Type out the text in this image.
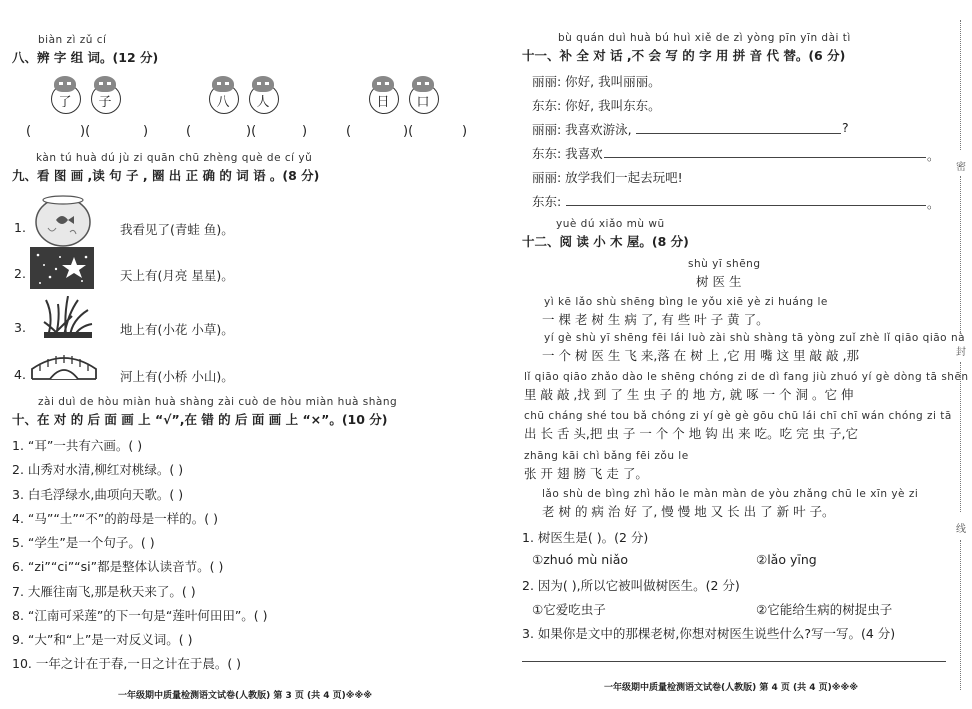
biàn zì zǔ cí
八、辨 字 组 词。(12 分)
了	子	八	人	日	口
(	)(	)	(	)(	)	(	)(	)
kàn tú huà dú jù zi quān chū zhèng què de cí yǔ
九、看 图 画 ,读 句 子 , 圈 出 正 确 的 词 语 。(8 分)
1.	我看见了(青蛙 鱼)。
2.	天上有(月亮 星星)。
3.	地上有(小花 小草)。
4.	河上有(小桥 小山)。
zài duì de hòu miàn huà shàng zài cuò de hòu miàn huà shàng
十、在 对 的 后 面 画 上 “√”,在 错 的 后 面 画 上 “×”。(10 分)
1. “耳”一共有六画。( )
2. 山秀对水清,柳红对桃绿。( )
3. 白毛浮绿水,曲项向天歌。( )
4. “马”“土”“不”的韵母是一样的。( )
5. “学生”是一个句子。( )
6. “zi”“ci”“si”都是整体认读音节。( )
7. 大雁往南飞,那是秋天来了。( )
8. “江南可采莲”的下一句是“莲叶何田田”。( )
9. “大”和“上”是一对反义词。( )
10. 一年之计在于春,一日之计在于晨。( )
一年级期中质量检测语文试卷(人教版) 第 3 页 (共 4 页)※※※
bù quán duì huà bú huì xiě de zì yòng pīn yīn dài tì
十一、补 全 对 话 ,不 会 写 的 字 用 拼 音 代 替。(6 分)
丽丽: 你好, 我叫丽丽。
东东: 你好, 我叫东东。
丽丽: 我喜欢游泳,	?
东东: 我喜欢	。
丽丽: 放学我们一起去玩吧!
东东:	。
yuè dú xiǎo mù wū
十二、阅 读 小 木 屋。(8 分)
shù yī shēng
树 医 生
yì kē lǎo shù shēng bìng le yǒu xiē yè zi huáng le
一 棵 老 树 生 病 了, 有 些 叶 子 黄 了。
yí gè shù yī shēng fēi lái luò zài shù shàng tā yòng zuǐ zhè lǐ qiāo qiāo nà
一 个 树 医 生 飞 来,落 在 树 上 ,它 用 嘴 这 里 敲 敲 ,那
lǐ qiāo qiāo zhǎo dào le shēng chóng zi de dì fang jiù zhuó yí gè dòng tā shēn
里 敲 敲 ,找 到 了 生 虫 子 的 地 方, 就 啄 一 个 洞 。它 伸
chū cháng shé tou bǎ chóng zi yí gè gè gōu chū lái chī chī wán chóng zi tā
出 长 舌 头,把 虫 子 一 个 个 地 钩 出 来 吃。吃 完 虫 子,它
zhāng kāi chì bǎng fēi zǒu le
张 开 翅 膀 飞 走 了。
lǎo shù de bìng zhì hǎo le màn màn de yòu zhǎng chū le xīn yè zi
老 树 的 病 治 好 了, 慢 慢 地 又 长 出 了 新 叶 子。
1. 树医生是( )。(2 分)
①zhuó mù niǎo	②lǎo yīng
2. 因为( ),所以它被叫做树医生。(2 分)
①它爱吃虫子	②它能给生病的树捉虫子
3. 如果你是文中的那棵老树,你想对树医生说些什么?写一写。(4 分)
一年级期中质量检测语文试卷(人教版) 第 4 页 (共 4 页)※※※
密
封
线
